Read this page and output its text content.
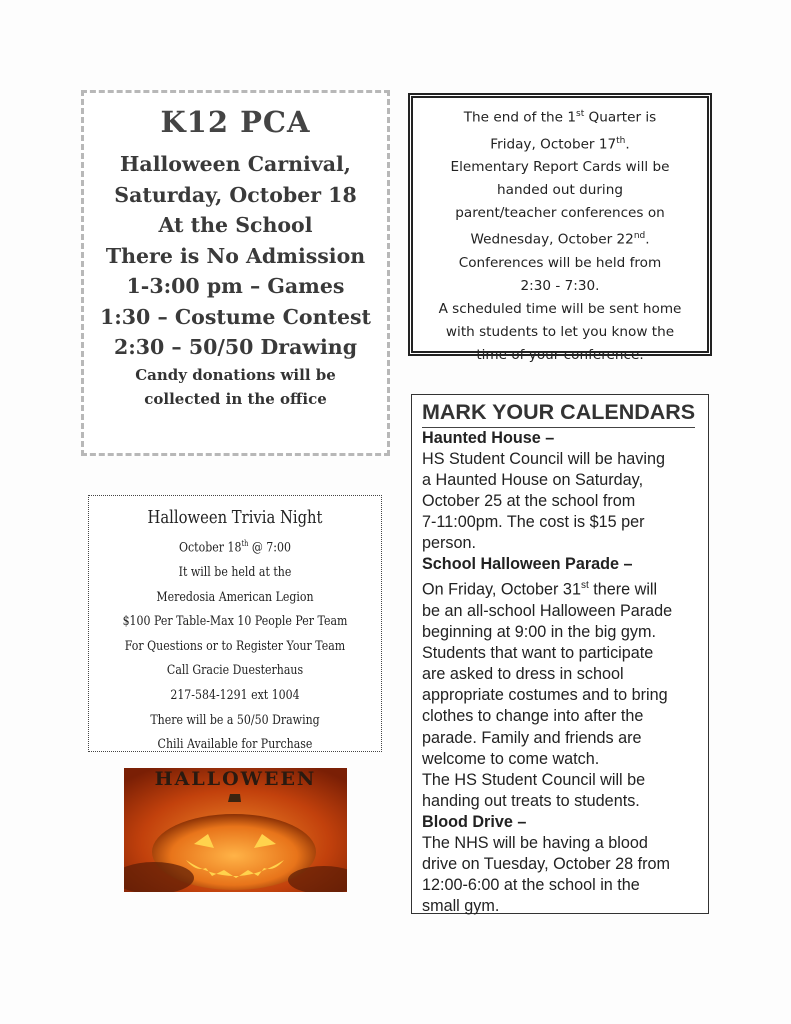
K12 PCA
Halloween Carnival,
Saturday, October 18
At the School
There is No Admission
1-3:00 pm – Games
1:30 – Costume Contest
2:30 – 50/50 Drawing
Candy donations will be
collected in the office
The end of the 1st Quarter is
Friday, October 17th.
Elementary Report Cards will be
handed out during
parent/teacher conferences on
Wednesday, October 22nd.
Conferences will be held from
2:30 - 7:30.
A scheduled time will be sent home
with students to let you know the
time of your conference.
Halloween Trivia Night
October 18th @ 7:00
It will be held at the
Meredosia American Legion
$100 Per Table-Max 10 People Per Team
For Questions or to Register Your Team
Call Gracie Duesterhaus
217-584-1291 ext 1004
There will be a 50/50 Drawing
Chili Available for Purchase
HALLOWEEN
MARK YOUR CALENDARS
Haunted House –
HS Student Council will be having
a Haunted House on Saturday,
October 25 at the school from
7-11:00pm. The cost is $15 per
person.
School Halloween Parade –
On Friday, October 31st there will
be an all-school Halloween Parade
beginning at 9:00 in the big gym.
Students that want to participate
are asked to dress in school
appropriate costumes and to bring
clothes to change into after the
parade. Family and friends are
welcome to come watch.
The HS Student Council will be
handing out treats to students.
Blood Drive –
The NHS will be having a blood
drive on Tuesday, October 28 from
12:00-6:00 at the school in the
small gym.
